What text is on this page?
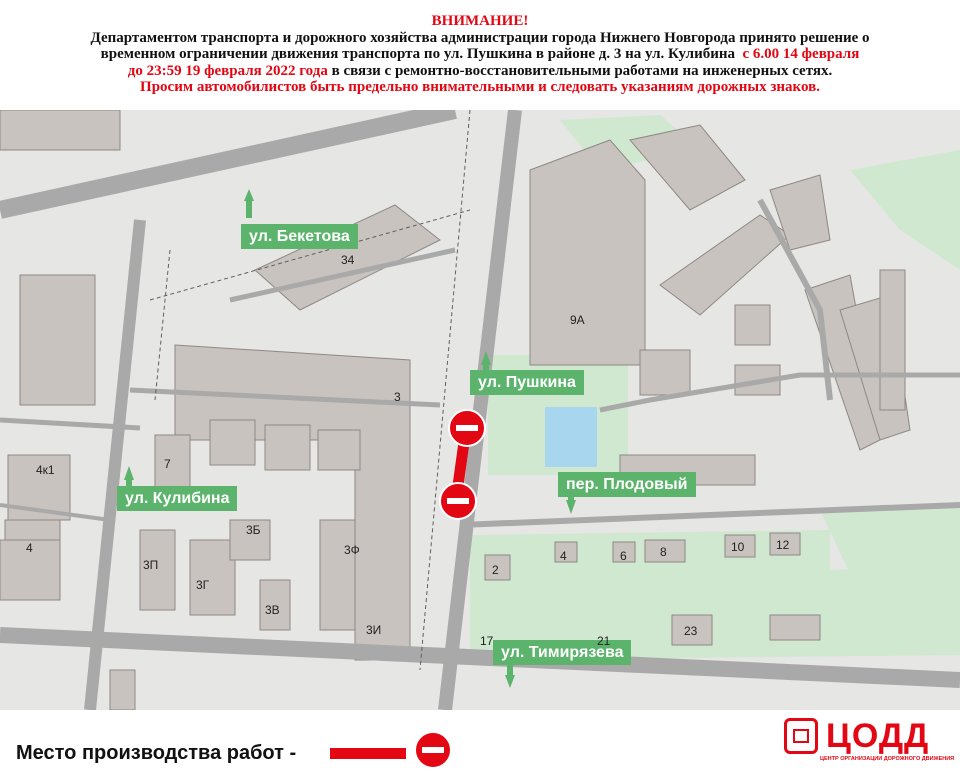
ВНИМАНИЕ!
Департаментом транспорта и дорожного хозяйства администрации города Нижнего Новгорода принято решение о
временном ограничении движения транспорта по ул. Пушкина в районе д. 3 на ул. Кулибина с 6.00 14 февраля
до 23:59 19 февраля 2022 года в связи с ремонтно-восстановительными работами на инженерных сетях.
Просим автомобилистов быть предельно внимательными и следовать указаниям дорожных знаков.
ул. Бекетова
ул. Пушкина
ул. Кулибина
пер. Плодовый
ул. Тимирязева
34
9А
3
7
4к1
4
3Б
3Ф
3П
3Г
3В
3И
2
4	6	8	10	12
17	21
23
Место производства работ -	ЦОДД
ЦЕНТР ОРГАНИЗАЦИИ ДОРОЖНОГО ДВИЖЕНИЯ
